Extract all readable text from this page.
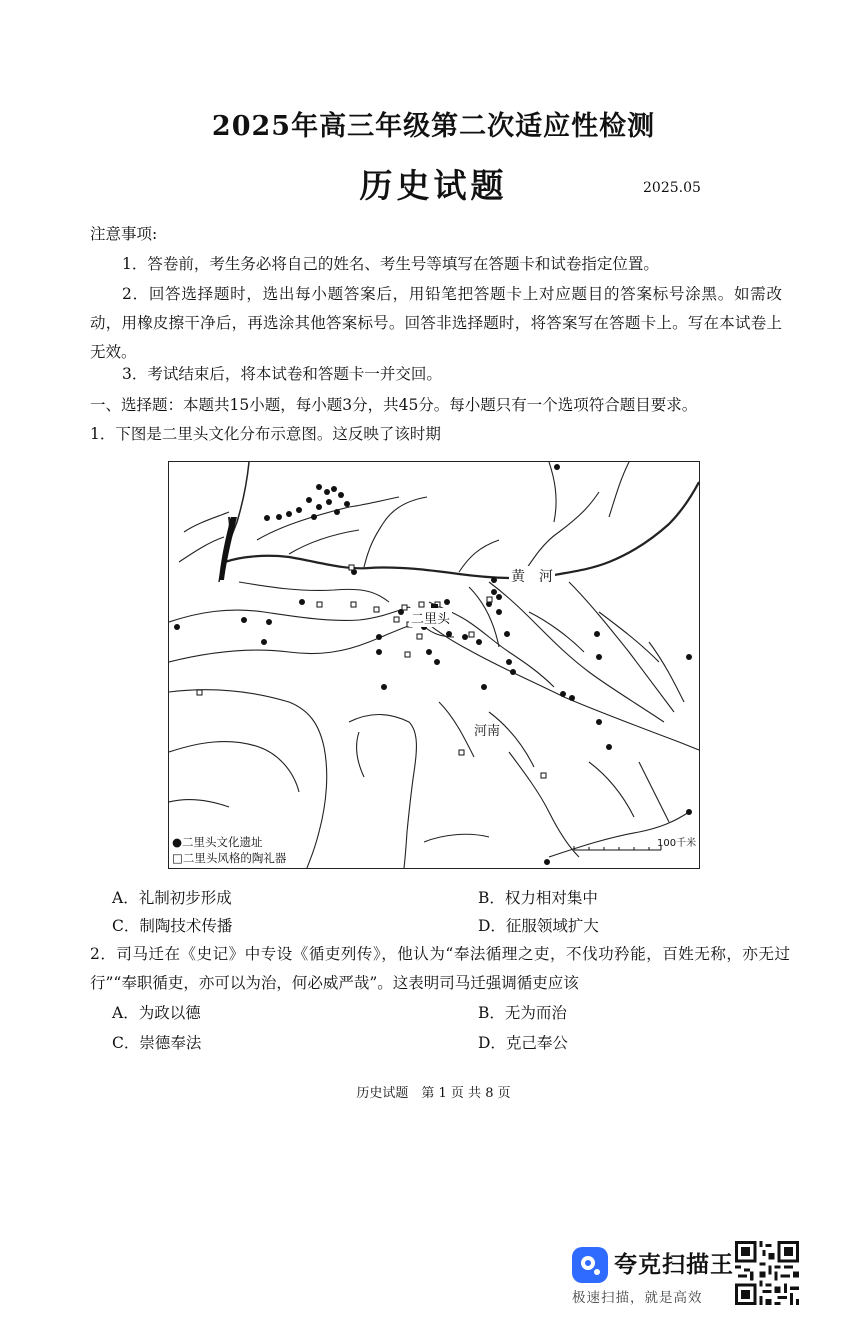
2025年高三年级第二次适应性检测
历史试题	2025.05
注意事项:
1．答卷前，考生务必将自己的姓名、考生号等填写在答题卡和试卷指定位置。
2．回答选择题时，选出每小题答案后，用铅笔把答题卡上对应题目的答案标号涂黑。如需改动，用橡皮擦干净后，再选涂其他答案标号。回答非选择题时，将答案写在答题卡上。写在本试卷上无效。
3．考试结束后，将本试卷和答题卡一并交回。
一、选择题：本题共15小题，每小题3分，共45分。每小题只有一个选项符合题目要求。
1．下图是二里头文化分布示意图。这反映了该时期
黄　河
二里头
河南
●二里头文化遗址
□二里头风格的陶礼器
100千米
A．礼制初步形成	B．权力相对集中
C．制陶技术传播	D．征服领域扩大
2．司马迁在《史记》中专设《循吏列传》，他认为“奉法循理之吏，不伐功矜能，百姓无称，亦无过行”“奉职循吏，亦可以为治，何必威严哉”。这表明司马迁强调循吏应该
A．为政以德	B．无为而治
C．崇德奉法	D．克己奉公
历史试题　第 1 页 共 8 页
夸克扫描王
极速扫描，就是高效
